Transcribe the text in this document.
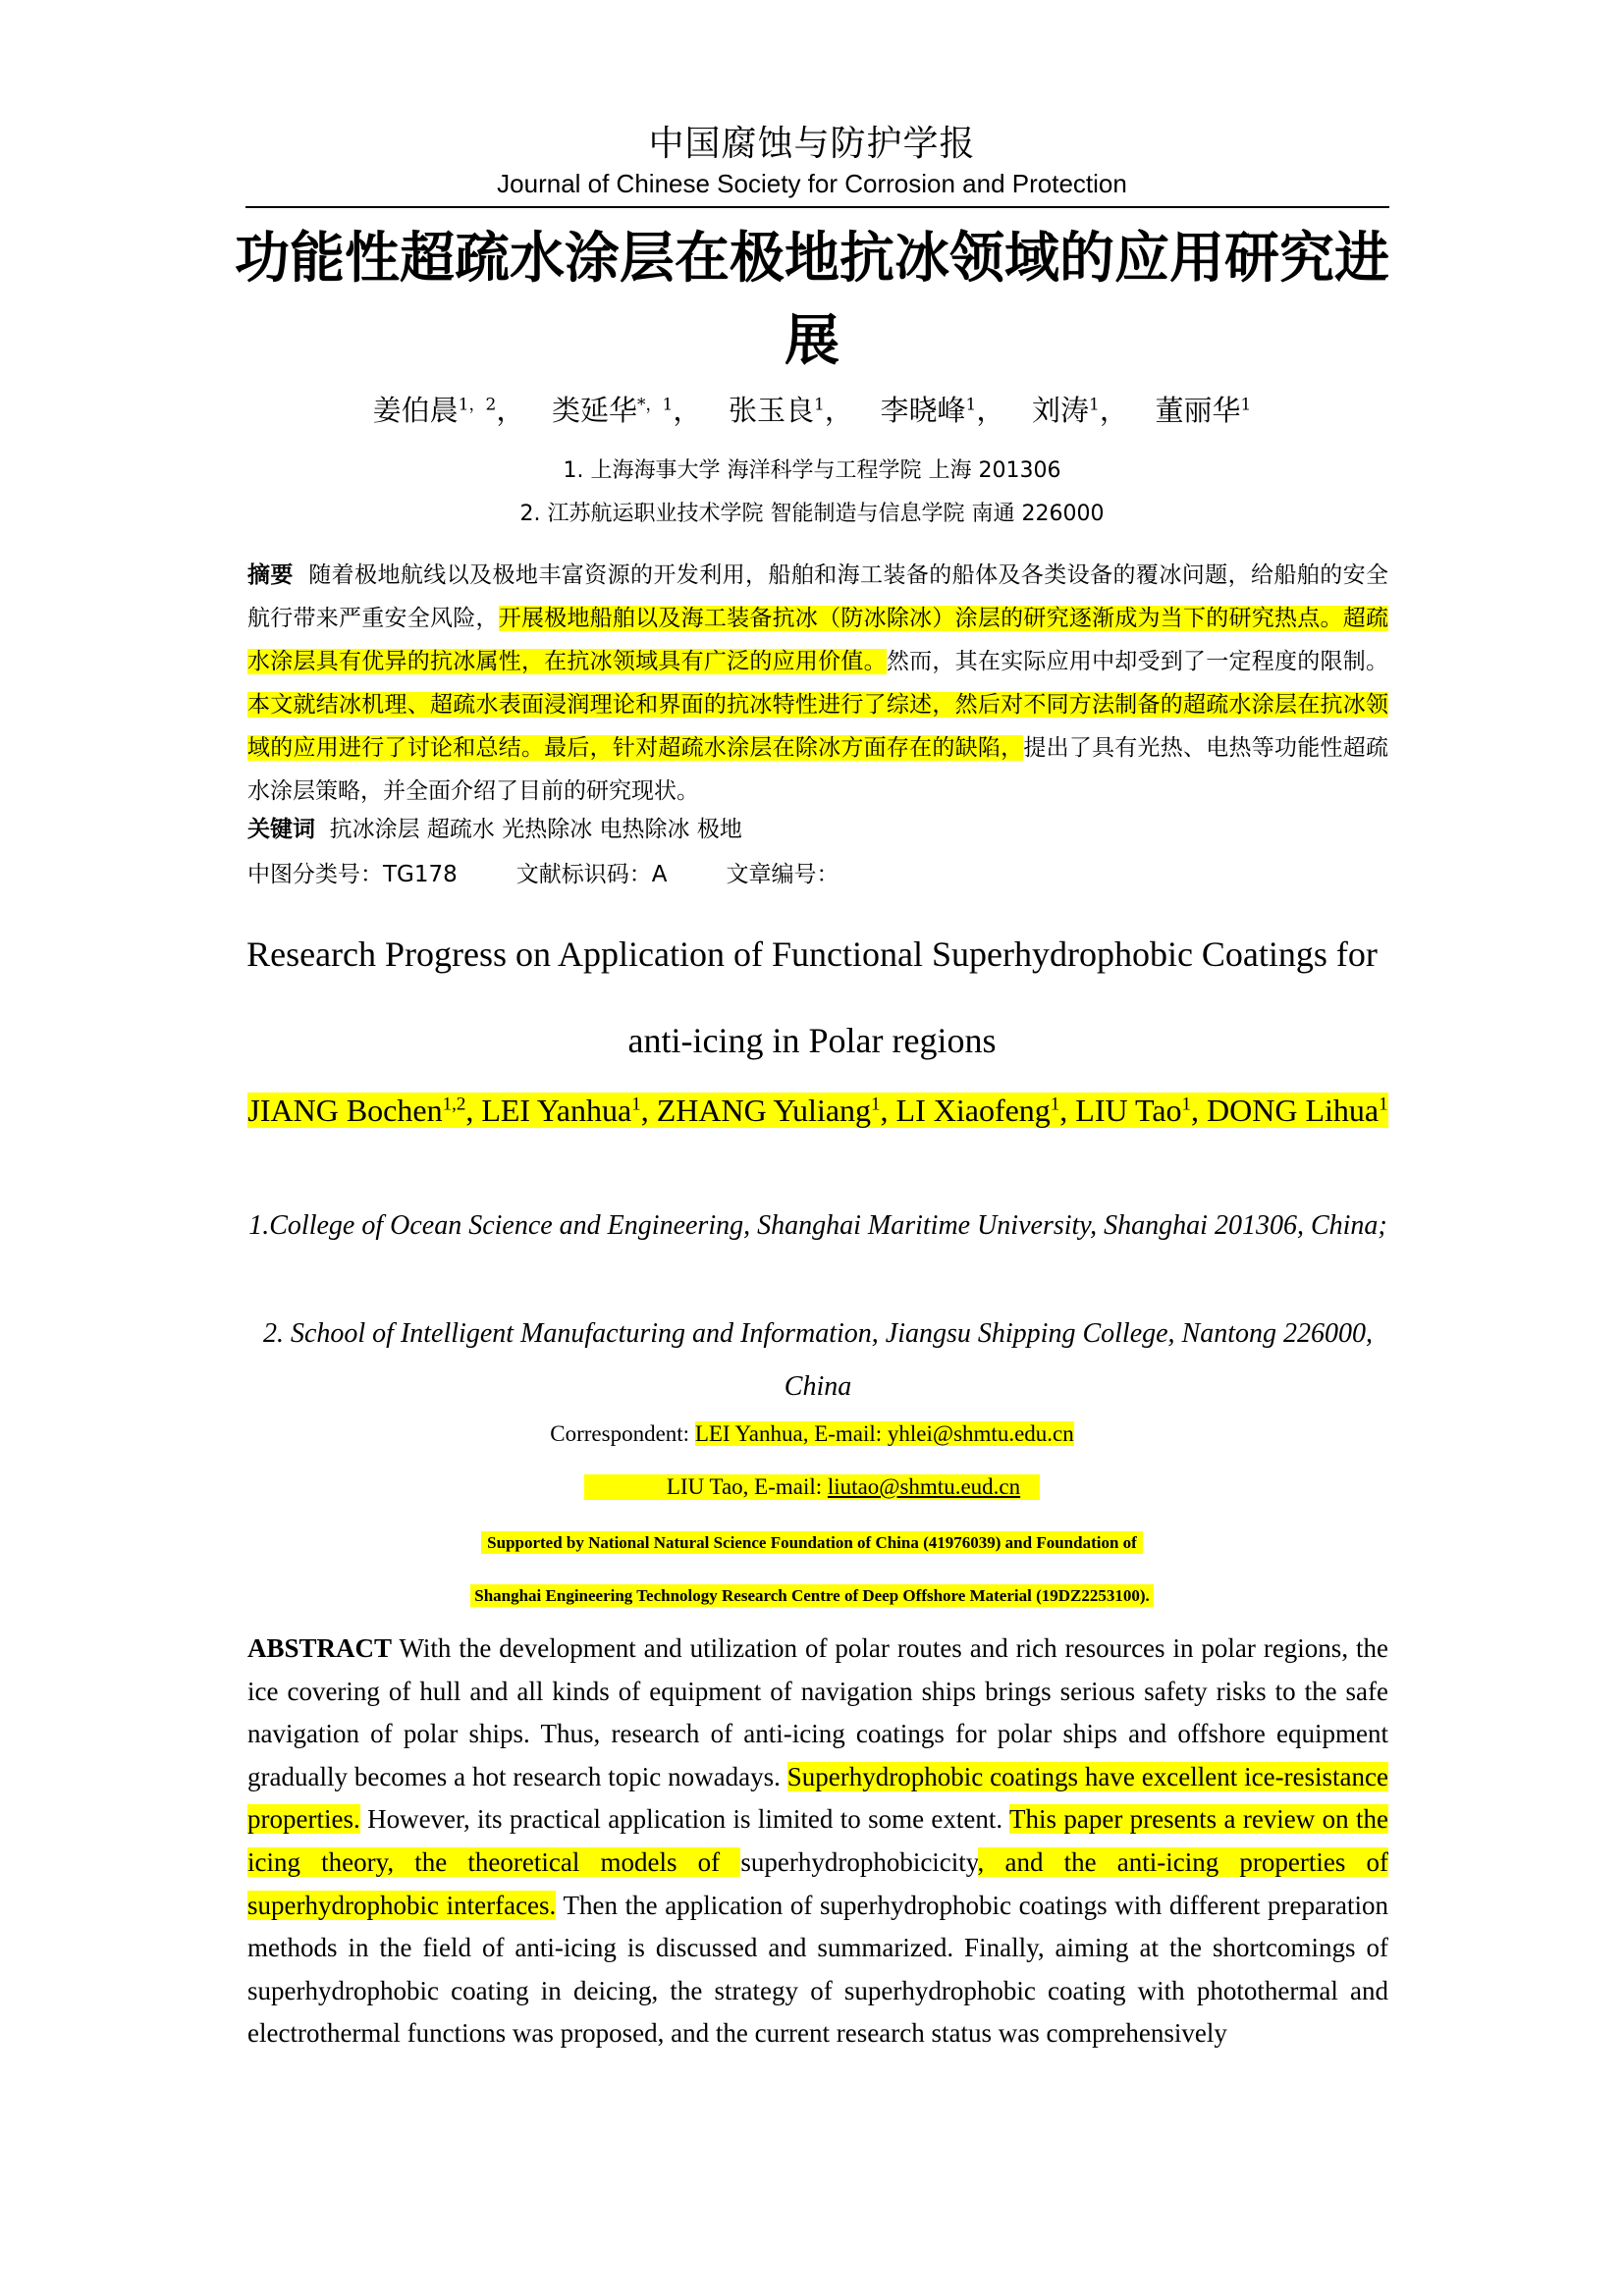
中国腐蚀与防护学报
Journal of Chinese Society for Corrosion and Protection
功能性超疏水涂层在极地抗冰领域的应用研究进展
姜伯晨$^{1,2}$，   类延华$^{*,1}$，   张玉良$^1$，   李晓峰$^1$，   刘涛$^1$，   董丽华$^1$
1. 上海海事大学 海洋科学与工程学院 上海 201306
2. 江苏航运职业技术学院 智能制造与信息学院 南通 226000
摘要 随着极地航线以及极地丰富资源的开发利用，船舶和海工装备的船体及各类设备的覆冰问题，给船舶的安全航行带来严重安全风险，开展极地船舶以及海工装备抗冰（防冰除冰）涂层的研究逐渐成为当下的研究热点。超疏水涂层具有优异的抗冰属性，在抗冰领域具有广泛的应用价值。然而，其在实际应用中却受到了一定程度的限制。本文就结冰机理、超疏水表面浸润理论和界面的抗冰特性进行了综述，然后对不同方法制备的超疏水涂层在抗冰领域的应用进行了讨论和总结。最后，针对超疏水涂层在除冰方面存在的缺陷，提出了具有光热、电热等功能性超疏水涂层策略，并全面介绍了目前的研究现状。
关键词 抗冰涂层 超疏水 光热除冰 电热除冰 极地
中图分类号：TG178	文献标识码：A	文章编号：
Research Progress on Application of Functional Superhydrophobic Coatings for anti-icing in Polar regions
JIANG Bochen$^{1,2}$, LEI Yanhua$^1$, ZHANG Yuliang$^1$, LI Xiaofeng$^1$, LIU Tao$^1$, DONG Lihua$^1$
1.College of Ocean Science and Engineering, Shanghai Maritime University, Shanghai 201306, China;
2. School of Intelligent Manufacturing and Information, Jiangsu Shipping College, Nantong 226000, China
Correspondent: LEI Yanhua, E-mail: yhlei@shmtu.edu.cn
LIU Tao, E-mail: liutao@shmtu.eud.cn
Supported by National Natural Science Foundation of China (41976039) and Foundation of
Shanghai Engineering Technology Research Centre of Deep Offshore Material (19DZ2253100).
ABSTRACT With the development and utilization of polar routes and rich resources in polar regions, the ice covering of hull and all kinds of equipment of navigation ships brings serious safety risks to the safe navigation of polar ships. Thus, research of anti-icing coatings for polar ships and offshore equipment gradually becomes a hot research topic nowadays. Superhydrophobic coatings have excellent ice-resistance properties. However, its practical application is limited to some extent. This paper presents a review on the icing theory, the theoretical models of superhydrophobicicity, and the anti-icing properties of superhydrophobic interfaces. Then the application of superhydrophobic coatings with different preparation methods in the field of anti-icing is discussed and summarized. Finally, aiming at the shortcomings of superhydrophobic coating in deicing, the strategy of superhydrophobic coating with photothermal and electrothermal functions was proposed, and the current research status was comprehensively
